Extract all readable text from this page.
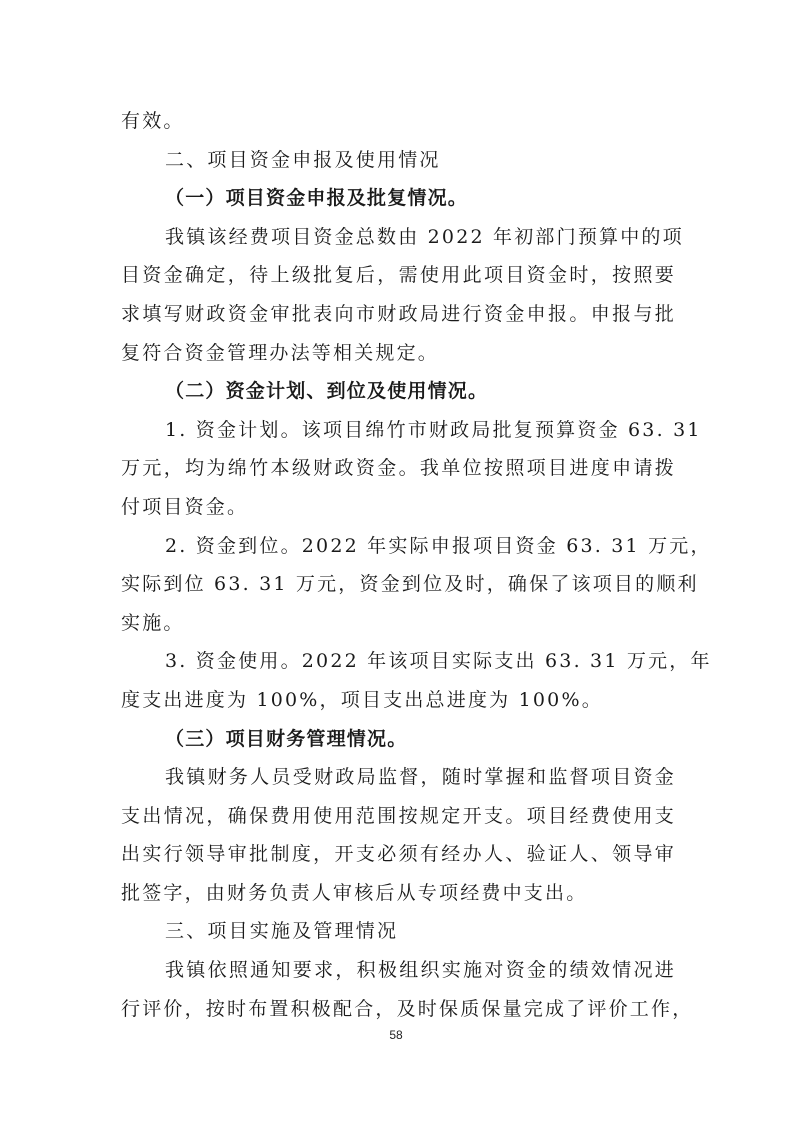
有效。
二、项目资金申报及使用情况
（一）项目资金申报及批复情况。
我镇该经费项目资金总数由 2022 年初部门预算中的项
目资金确定，待上级批复后，需使用此项目资金时，按照要
求填写财政资金审批表向市财政局进行资金申报。申报与批
复符合资金管理办法等相关规定。
（二）资金计划、到位及使用情况。
1. 资金计划。该项目绵竹市财政局批复预算资金 63. 31
万元，均为绵竹本级财政资金。我单位按照项目进度申请拨
付项目资金。
2. 资金到位。2022 年实际申报项目资金 63. 31 万元，
实际到位 63. 31 万元，资金到位及时，确保了该项目的顺利
实施。
3. 资金使用。2022 年该项目实际支出 63. 31 万元，年
度支出进度为 100%，项目支出总进度为 100%。
（三）项目财务管理情况。
我镇财务人员受财政局监督，随时掌握和监督项目资金
支出情况，确保费用使用范围按规定开支。项目经费使用支
出实行领导审批制度，开支必须有经办人、验证人、领导审
批签字，由财务负责人审核后从专项经费中支出。
三、项目实施及管理情况
我镇依照通知要求，积极组织实施对资金的绩效情况进
行评价，按时布置积极配合，及时保质保量完成了评价工作，
58
